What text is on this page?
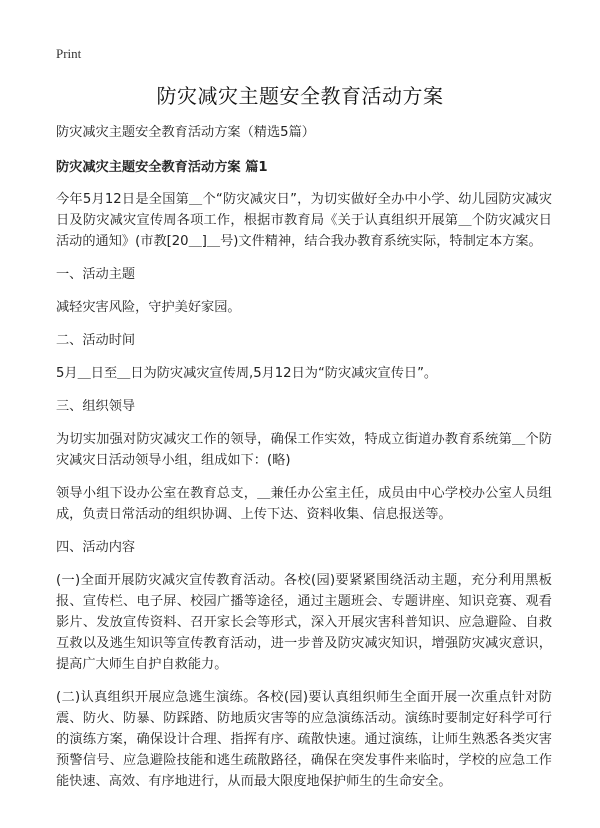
Print
防灾减灾主题安全教育活动方案

防灾减灾主题安全教育活动方案（精选5篇）

防灾减灾主题安全教育活动方案 篇1

今年5月12日是全国第＿个“防灾减灾日”，为切实做好全办中小学、幼儿园防灾减灾日及防灾减灾宣传周各项工作，根据市教育局《关于认真组织开展第＿个防灾减灾日活动的通知》(市教[20＿]＿号)文件精神，结合我办教育系统实际，特制定本方案。

一、活动主题

减轻灾害风险，守护美好家园。

二、活动时间

5月＿日至＿日为防灾减灾宣传周,5月12日为“防灾减灾宣传日”。

三、组织领导

为切实加强对防灾减灾工作的领导，确保工作实效，特成立街道办教育系统第＿个防灾减灾日活动领导小组，组成如下：(略)

领导小组下设办公室在教育总支，＿兼任办公室主任，成员由中心学校办公室人员组成，负责日常活动的组织协调、上传下达、资料收集、信息报送等。

四、活动内容

(一)全面开展防灾减灾宣传教育活动。各校(园)要紧紧围绕活动主题，充分利用黑板报、宣传栏、电子屏、校园广播等途径，通过主题班会、专题讲座、知识竞赛、观看影片、发放宣传资料、召开家长会等形式，深入开展灾害科普知识、应急避险、自救互救以及逃生知识等宣传教育活动，进一步普及防灾减灾知识，增强防灾减灾意识，提高广大师生自护自救能力。

(二)认真组织开展应急逃生演练。各校(园)要认真组织师生全面开展一次重点针对防震、防火、防暴、防踩踏、防地质灾害等的应急演练活动。演练时要制定好科学可行的演练方案，确保设计合理、指挥有序、疏散快速。通过演练，让师生熟悉各类灾害预警信号、应急避险技能和逃生疏散路径，确保在突发事件来临时，学校的应急工作能快速、高效、有序地进行，从而最大限度地保护师生的生命安全。
